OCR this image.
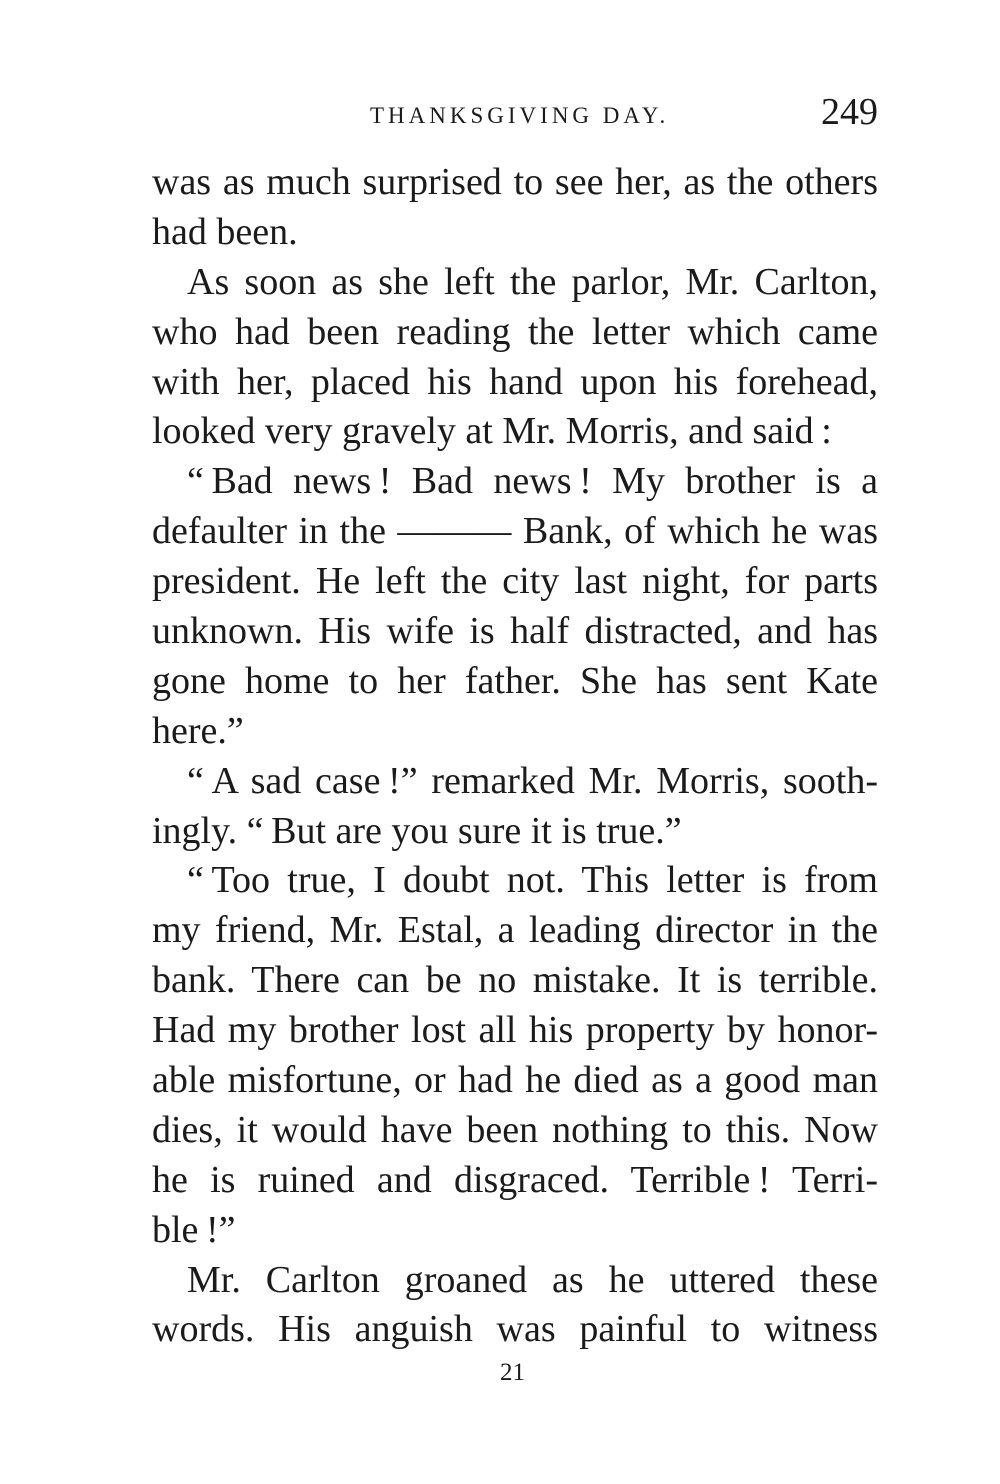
THANKSGIVING DAY.	249
was as much surprised to see her, as the others
had been.
As soon as she left the parlor, Mr. Carlton,
who had been reading the letter which came
with her, placed his hand upon his forehead,
looked very gravely at Mr. Morris, and said :
“ Bad news ! Bad news ! My brother is a
defaulter in the ——— Bank, of which he was
president. He left the city last night, for parts
unknown. His wife is half distracted, and has
gone home to her father. She has sent Kate
here.”
“ A sad case !” remarked Mr. Morris, sooth-
ingly. “ But are you sure it is true.”
“ Too true, I doubt not. This letter is from
my friend, Mr. Estal, a leading director in the
bank. There can be no mistake. It is terrible.
Had my brother lost all his property by honor-
able misfortune, or had he died as a good man
dies, it would have been nothing to this. Now
he is ruined and disgraced. Terrible ! Terri-
ble !”
Mr. Carlton groaned as he uttered these
words. His anguish was painful to witness
21
